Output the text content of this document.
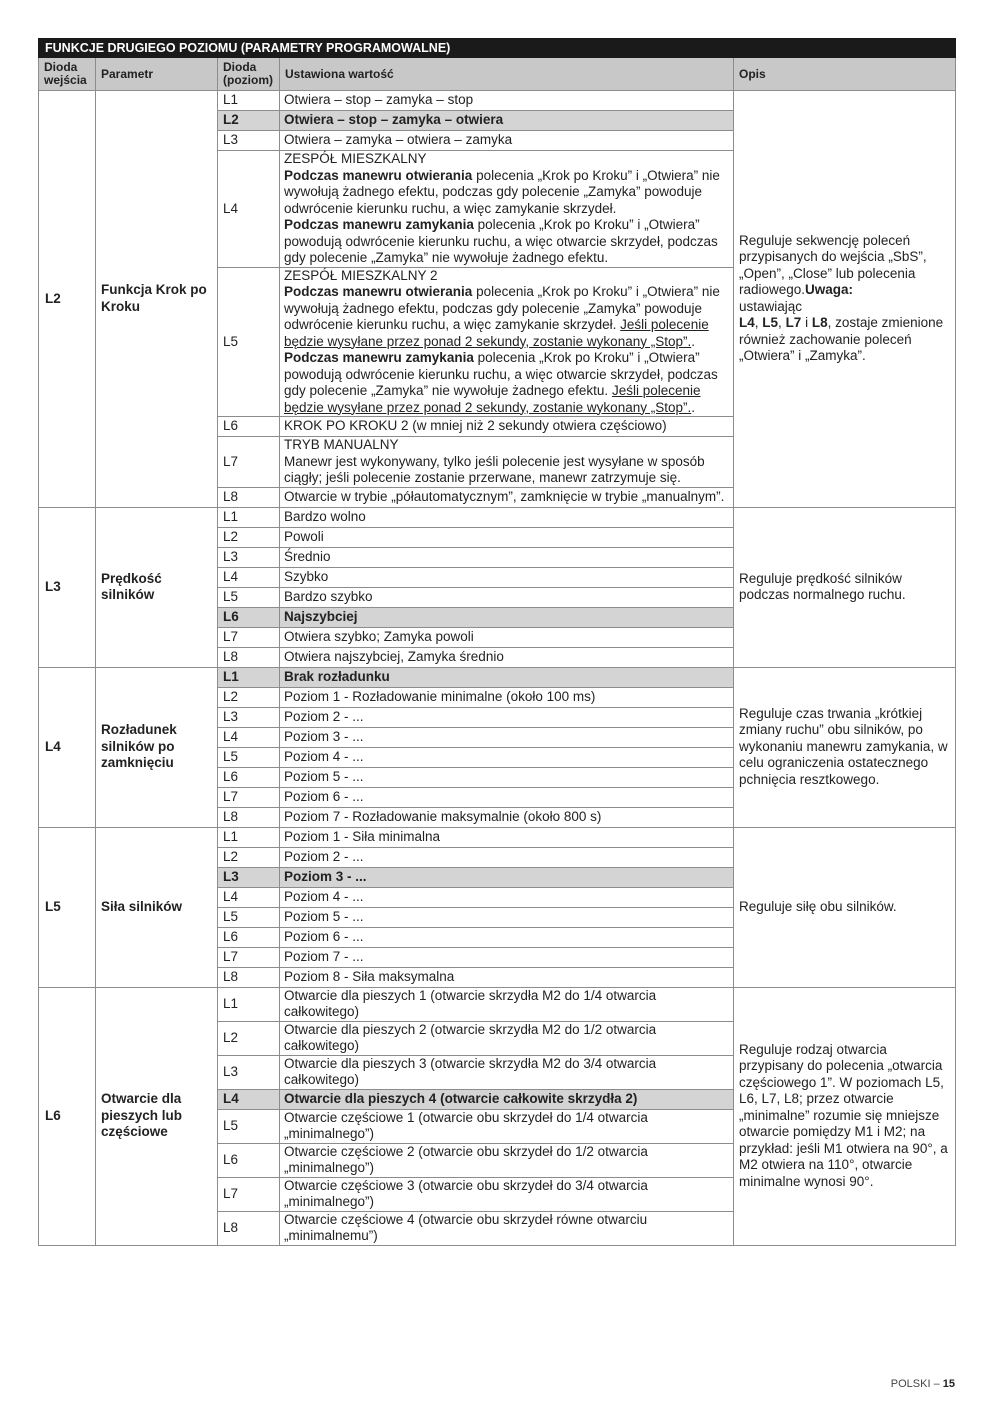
FUNKCJE DRUGIEGO POZIOMU (PARAMETRY PROGRAMOWALNE)				
Dioda wejścia	Parametr	Dioda (poziom)	Ustawiona wartość	Opis
L2	Funkcja Krok po Kroku	L1	Otwiera – stop – zamyka – stop	Reguluje sekwencję poleceń przypisanych do wejścia „SbS”, „Open”, „Close” lub polecenia radiowego.Uwaga:
ustawiając
L4, L5, L7 i L8, zostaje zmienione również zachowanie poleceń „Otwiera” i „Zamyka”.
		L2	Otwiera – stop – zamyka – otwiera	
		L3	Otwiera – zamyka – otwiera – zamyka	
		L4	ZESPÓŁ MIESZKALNY
Podczas manewru otwierania polecenia „Krok po Kroku” i „Otwiera” nie wywołują żadnego efektu, podczas gdy polecenie „Zamyka” powoduje odwrócenie kierunku ruchu, a więc zamykanie skrzydeł.
Podczas manewru zamykania polecenia „Krok po Kroku” i „Otwiera” powodują odwrócenie kierunku ruchu, a więc otwarcie skrzydeł, podczas gdy polecenie „Zamyka” nie wywołuje żadnego efektu.	
		L5	ZESPÓŁ MIESZKALNY 2
Podczas manewru otwierania polecenia „Krok po Kroku” i „Otwiera” nie wywołują żadnego efektu, podczas gdy polecenie „Zamyka” powoduje odwrócenie kierunku ruchu, a więc zamykanie skrzydeł. Jeśli polecenie będzie wysyłane przez ponad 2 sekundy, zostanie wykonany „Stop”..
Podczas manewru zamykania polecenia „Krok po Kroku” i „Otwiera” powodują odwrócenie kierunku ruchu, a więc otwarcie skrzydeł, podczas gdy polecenie „Zamyka” nie wywołuje żadnego efektu. Jeśli polecenie będzie wysyłane przez ponad 2 sekundy, zostanie wykonany „Stop”..	
		L6	KROK PO KROKU 2 (w mniej niż 2 sekundy otwiera częściowo)	
		L7	TRYB MANUALNY
Manewr jest wykonywany, tylko jeśli polecenie jest wysyłane w sposób ciągły; jeśli polecenie zostanie przerwane, manewr zatrzymuje się.	
		L8	Otwarcie w trybie „półautomatycznym”, zamknięcie w trybie „manualnym”.	
L3	Prędkość silników	L1	Bardzo wolno	Reguluje prędkość silników podczas normalnego ruchu.
		L2	Powoli	
		L3	Średnio	
		L4	Szybko	
		L5	Bardzo szybko	
		L6	Najszybciej	
		L7	Otwiera szybko; Zamyka powoli	
		L8	Otwiera najszybciej, Zamyka średnio	
L4	Rozładunek silników po zamknięciu	L1	Brak rozładunku	Reguluje czas trwania „krótkiej zmiany ruchu” obu silników, po wykonaniu manewru zamykania, w celu ograniczenia ostatecznego pchnięcia resztkowego.
		L2	Poziom 1 - Rozładowanie minimalne (około 100 ms)	
		L3	Poziom 2 - ...	
		L4	Poziom 3 - ...	
		L5	Poziom 4 - ...	
		L6	Poziom 5 - ...	
		L7	Poziom 6 - ...	
		L8	Poziom 7 - Rozładowanie maksymalnie (około 800 s)	
L5	Siła silników	L1	Poziom 1 - Siła minimalna	Reguluje siłę obu silników.
		L2	Poziom 2 - ...	
		L3	Poziom 3 - ...	
		L4	Poziom 4 - ...	
		L5	Poziom 5 - ...	
		L6	Poziom 6 - ...	
		L7	Poziom 7 - ...	
		L8	Poziom 8 - Siła maksymalna	
L6	Otwarcie dla pieszych lub częściowe	L1	Otwarcie dla pieszych 1 (otwarcie skrzydła M2 do 1/4 otwarcia całkowitego)	Reguluje rodzaj otwarcia przypisany do polecenia „otwarcia częściowego 1”. W poziomach L5, L6, L7, L8; przez otwarcie „minimalne” rozumie się mniejsze otwarcie pomiędzy M1 i M2; na przykład: jeśli M1 otwiera na 90°, a M2 otwiera na 110°, otwarcie minimalne wynosi 90°.
		L2	Otwarcie dla pieszych 2 (otwarcie skrzydła M2 do 1/2 otwarcia całkowitego)	
		L3	Otwarcie dla pieszych 3 (otwarcie skrzydła M2 do 3/4 otwarcia całkowitego)	
		L4	Otwarcie dla pieszych 4 (otwarcie całkowite skrzydła 2)	
		L5	Otwarcie częściowe 1 (otwarcie obu skrzydeł do 1/4 otwarcia „minimalnego”)	
		L6	Otwarcie częściowe 2 (otwarcie obu skrzydeł do 1/2 otwarcia „minimalnego”)	
		L7	Otwarcie częściowe 3 (otwarcie obu skrzydeł do 3/4 otwarcia „minimalnego”)	
		L8	Otwarcie częściowe 4 (otwarcie obu skrzydeł równe otwarciu „minimalnemu”)	
POLSKI – 15
